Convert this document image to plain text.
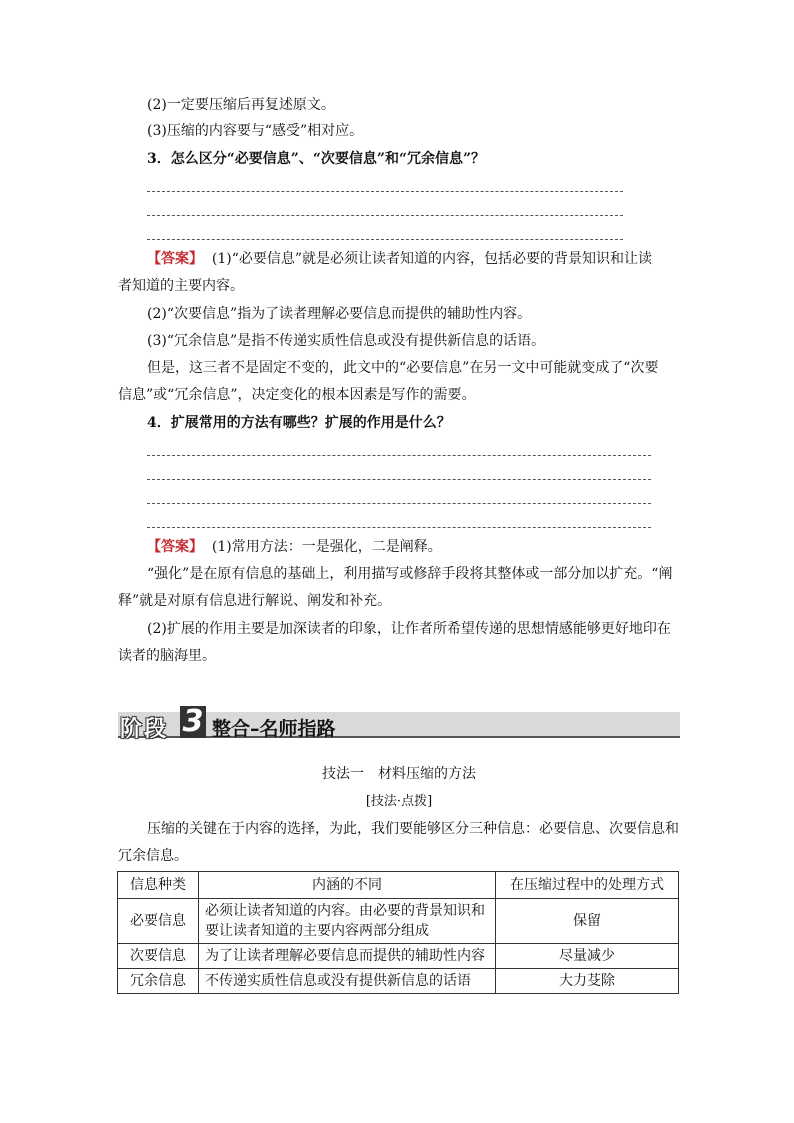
(2)一定要压缩后再复述原文。
(3)压缩的内容要与“感受”相对应。
3．怎么区分“必要信息”、“次要信息”和“冗余信息”？
【答案】 (1)“必要信息”就是必须让读者知道的内容，包括必要的背景知识和让读
者知道的主要内容。
(2)“次要信息”指为了读者理解必要信息而提供的辅助性内容。
(3)“冗余信息”是指不传递实质性信息或没有提供新信息的话语。
但是，这三者不是固定不变的，此文中的“必要信息”在另一文中可能就变成了“次要
信息”或“冗余信息”，决定变化的根本因素是写作的需要。
4．扩展常用的方法有哪些？扩展的作用是什么？
【答案】 (1)常用方法：一是强化，二是阐释。
“强化”是在原有信息的基础上，利用描写或修辞手段将其整体或一部分加以扩充。“阐
释”就是对原有信息进行解说、阐发和补充。
(2)扩展的作用主要是加深读者的印象，让作者所希望传递的思想情感能够更好地印在
读者的脑海里。
阶段 3 整合–名师指路
技法一　材料压缩的方法
[技法·点拨]
压缩的关键在于内容的选择，为此，我们要能够区分三种信息：必要信息、次要信息和
冗余信息。
信息种类	内涵的不同	在压缩过程中的处理方式
必要信息	必须让读者知道的内容。由必要的背景知识和要让读者知道的主要内容两部分组成	保留
次要信息	为了让读者理解必要信息而提供的辅助性内容	尽量减少
冗余信息	不传递实质性信息或没有提供新信息的话语	大力芟除
